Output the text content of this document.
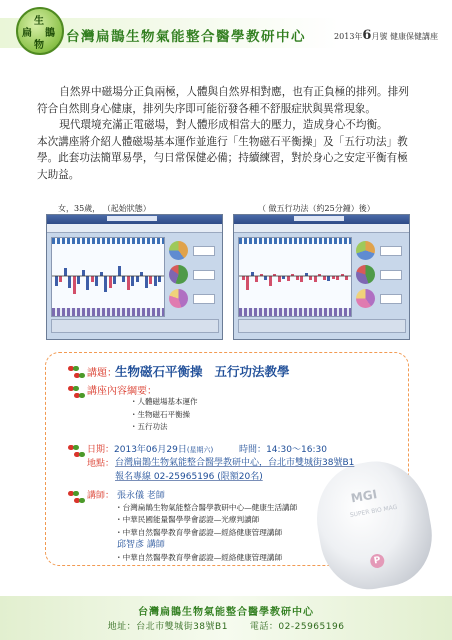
生
扁 鵲
物
台灣扁鵲生物氣能整合醫學教研中心	2013年6月號 健康保健講座

自然界中磁場分正負兩極，人體與自然界相對應，也有正負極的排列。排列符合自然則身心健康，排列失序即可能衍發各種不舒服症狀與異常現象。

現代環境充滿正電磁場，對人體形成相當大的壓力，造成身心不均衡。

本次講座將介紹人體磁場基本運作並進行「生物磁石平衡操」及「五行功法」教學。此套功法簡單易學，勻日常保健必備；持續練習，對於身心之安定平衡有極大助益。

女，35歲， （起始狀態）	（ 做五行功法（約25分鐘）後）
MGI
SUPER BIO MAG
P
講題：
生物磁石平衡操 五行功法教學
講座內容綱要：
・人體磁場基本運作
・生物磁石平衡操
・五行功法
日期：2013年06月29日(星期六)	時間：14:30～16:30
地點： 台灣扁鵲生物氣能整合醫學教研中心，台北市雙城街38號B1
報名專線 02-25965196 (限額20名)
講師： 張永儀 老師
・台灣扁鵲生物氣能整合醫學教研中心—健康生活講師
・中華民國能量醫學學會認證—光療判讀師
・中華自然醫學教育學會認證—經絡健康管理講師
邱智彥 講師
・中華自然醫學教育學會認證—經絡健康管理講師
台灣扁鵲生物氣能整合醫學教研中心
地址：台北市雙城街38號B1 電話：02-25965196
